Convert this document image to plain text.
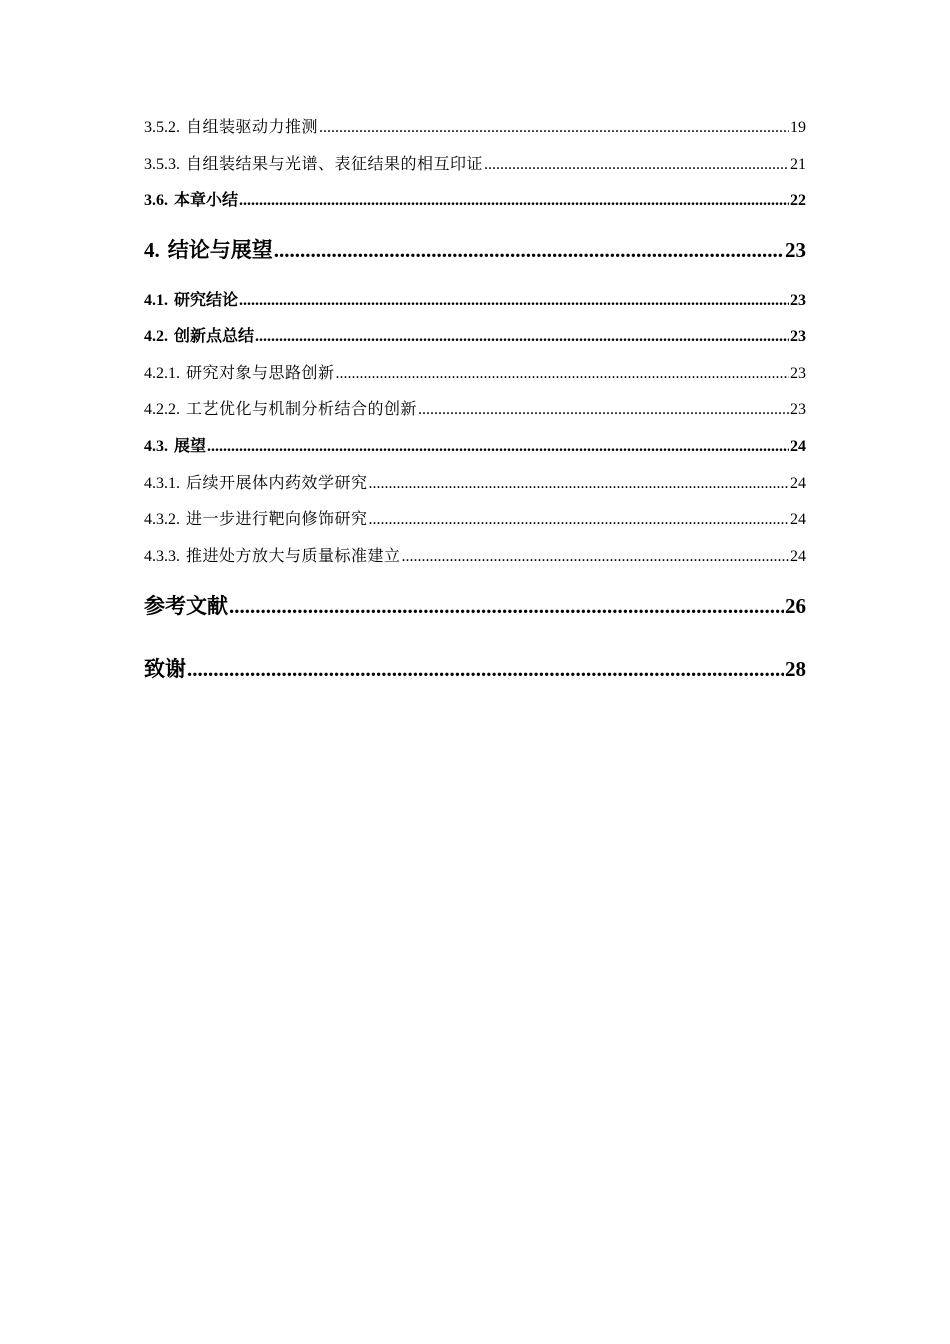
3.5.2. 自组装驱动力推测 .....	19
3.5.3. 自组装结果与光谱、表征结果的相互印证 .....	21
3.6. 本章小结 .....	22
4. 结论与展望 .....	23
4.1. 研究结论 .....	23
4.2. 创新点总结 .....	23
4.2.1. 研究对象与思路创新 .....	23
4.2.2. 工艺优化与机制分析结合的创新 .....	23
4.3. 展望 .....	24
4.3.1. 后续开展体内药效学研究 .....	24
4.3.2. 进一步进行靶向修饰研究 .....	24
4.3.3. 推进处方放大与质量标准建立 .....	24
参考文献 .....	26
致谢 .....	28
